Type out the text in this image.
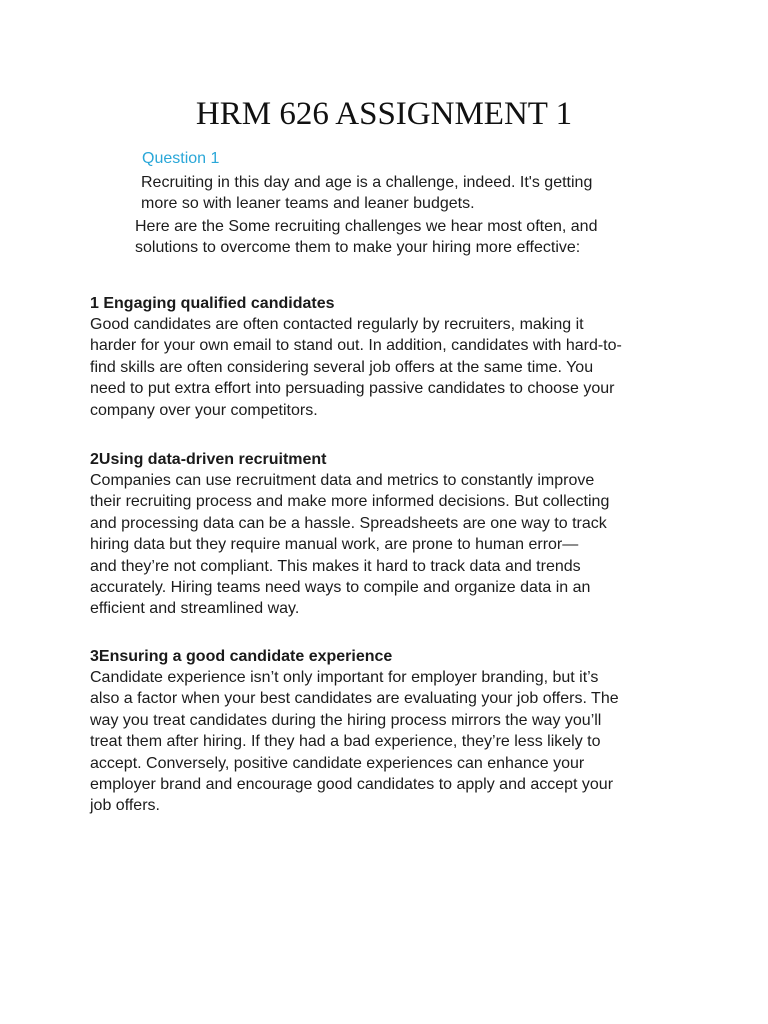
HRM 626 ASSIGNMENT 1
Question 1
Recruiting in this day and age is a challenge, indeed. It's getting
more so with leaner teams and leaner budgets.
Here are the Some recruiting challenges we hear most often, and
solutions to overcome them to make your hiring more effective:
1 Engaging qualified candidates

Good candidates are often contacted regularly by recruiters, making it
harder for your own email to stand out. In addition, candidates with hard-to-
find skills are often considering several job offers at the same time. You
need to put extra effort into persuading passive candidates to choose your
company over your competitors.

2Using data-driven recruitment

Companies can use recruitment data and metrics to constantly improve
their recruiting process and make more informed decisions. But collecting
and processing data can be a hassle. Spreadsheets are one way to track
hiring data but they require manual work, are prone to human error—
and they’re not compliant. This makes it hard to track data and trends
accurately. Hiring teams need ways to compile and organize data in an
efficient and streamlined way.

3Ensuring a good candidate experience

Candidate experience isn’t only important for employer branding, but it’s
also a factor when your best candidates are evaluating your job offers. The
way you treat candidates during the hiring process mirrors the way you’ll
treat them after hiring. If they had a bad experience, they’re less likely to
accept. Conversely, positive candidate experiences can enhance your
employer brand and encourage good candidates to apply and accept your
job offers.
